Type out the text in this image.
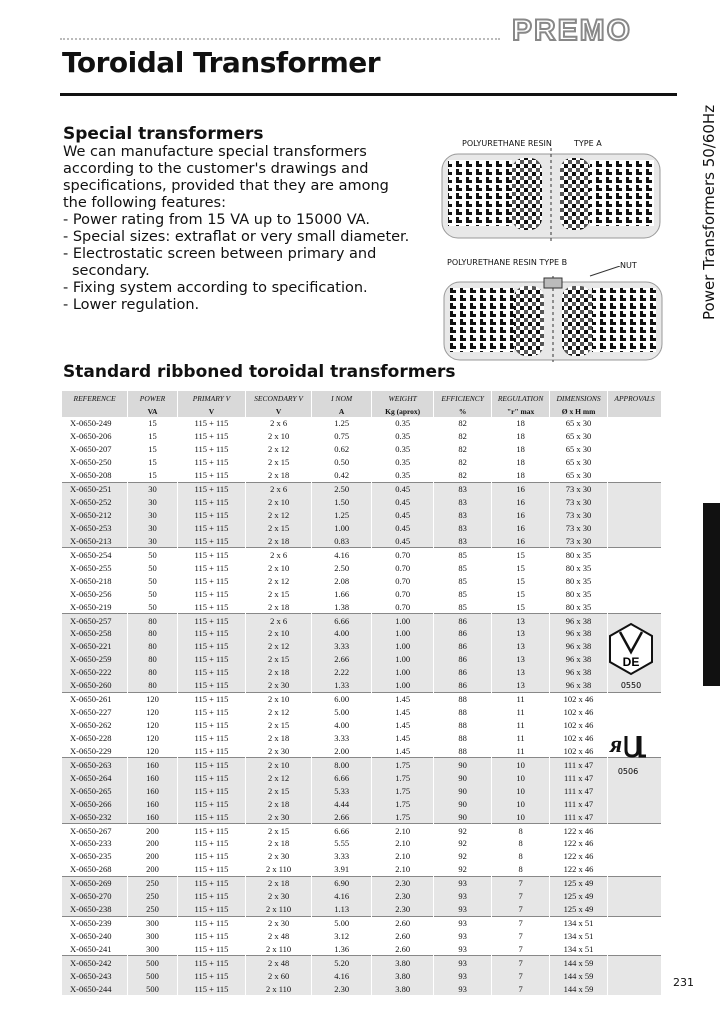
PREMO
Toroidal Transformer
Power Transformers 50/60Hz
Special transformers
We can manufacture special transformers
according to the customer's drawings and
specifications, provided that they are among
the following features:
- Power rating from 15 VA up to 15000 VA.
- Special sizes: extraflat or very small diameter.
- Electrostatic screen between primary and
secondary.
- Fixing system according to specification.
- Lower regulation.
POLYURETHANE RESIN	TYPE A
POLYURETHANE RESIN TYPE B	NUT
Standard ribboned toroidal transformers
REFERENCE	POWER	PRIMARY V	SECONDARY V	I NOM	WEIGHT	EFFICIENCY	REGULATION	DIMENSIONS	APPROVALS
	VA	V	V	A	Kg (aprox)	%	"r" max	Ø x H mm	
X-0650-249	15	115 + 115	2 x 6	1.25	0.35	82	18	65 x 30	
X-0650-206	15	115 + 115	2 x 10	0.75	0.35	82	18	65 x 30	
X-0650-207	15	115 + 115	2 x 12	0.62	0.35	82	18	65 x 30	
X-0650-250	15	115 + 115	2 x 15	0.50	0.35	82	18	65 x 30	
X-0650-208	15	115 + 115	2 x 18	0.42	0.35	82	18	65 x 30	
X-0650-251	30	115 + 115	2 x 6	2.50	0.45	83	16	73 x 30	
X-0650-252	30	115 + 115	2 x 10	1.50	0.45	83	16	73 x 30	
X-0650-212	30	115 + 115	2 x 12	1.25	0.45	83	16	73 x 30	
X-0650-253	30	115 + 115	2 x 15	1.00	0.45	83	16	73 x 30	
X-0650-213	30	115 + 115	2 x 18	0.83	0.45	83	16	73 x 30	
X-0650-254	50	115 + 115	2 x 6	4.16	0.70	85	15	80 x 35	
X-0650-255	50	115 + 115	2 x 10	2.50	0.70	85	15	80 x 35	
X-0650-218	50	115 + 115	2 x 12	2.08	0.70	85	15	80 x 35	
X-0650-256	50	115 + 115	2 x 15	1.66	0.70	85	15	80 x 35	
X-0650-219	50	115 + 115	2 x 18	1.38	0.70	85	15	80 x 35	
X-0650-257	80	115 + 115	2 x 6	6.66	1.00	86	13	96 x 38	
X-0650-258	80	115 + 115	2 x 10	4.00	1.00	86	13	96 x 38	
X-0650-221	80	115 + 115	2 x 12	3.33	1.00	86	13	96 x 38	
X-0650-259	80	115 + 115	2 x 15	2.66	1.00	86	13	96 x 38	
X-0650-222	80	115 + 115	2 x 18	2.22	1.00	86	13	96 x 38	
X-0650-260	80	115 + 115	2 x 30	1.33	1.00	86	13	96 x 38	
X-0650-261	120	115 + 115	2 x 10	6.00	1.45	88	11	102 x 46	
X-0650-227	120	115 + 115	2 x 12	5.00	1.45	88	11	102 x 46	
X-0650-262	120	115 + 115	2 x 15	4.00	1.45	88	11	102 x 46	
X-0650-228	120	115 + 115	2 x 18	3.33	1.45	88	11	102 x 46	
X-0650-229	120	115 + 115	2 x 30	2.00	1.45	88	11	102 x 46	
X-0650-263	160	115 + 115	2 x 10	8.00	1.75	90	10	111 x 47	
X-0650-264	160	115 + 115	2 x 12	6.66	1.75	90	10	111 x 47	
X-0650-265	160	115 + 115	2 x 15	5.33	1.75	90	10	111 x 47	
X-0650-266	160	115 + 115	2 x 18	4.44	1.75	90	10	111 x 47	
X-0650-232	160	115 + 115	2 x 30	2.66	1.75	90	10	111 x 47	
X-0650-267	200	115 + 115	2 x 15	6.66	2.10	92	8	122 x 46	
X-0650-233	200	115 + 115	2 x 18	5.55	2.10	92	8	122 x 46	
X-0650-235	200	115 + 115	2 x 30	3.33	2.10	92	8	122 x 46	
X-0650-268	200	115 + 115	2 x 110	3.91	2.10	92	8	122 x 46	
X-0650-269	250	115 + 115	2 x 18	6.90	2.30	93	7	125 x 49	
X-0650-270	250	115 + 115	2 x 30	4.16	2.30	93	7	125 x 49	
X-0650-238	250	115 + 115	2 x 110	1.13	2.30	93	7	125 x 49	
X-0650-239	300	115 + 115	2 x 30	5.00	2.60	93	7	134 x 51	
X-0650-240	300	115 + 115	2 x 48	3.12	2.60	93	7	134 x 51	
X-0650-241	300	115 + 115	2 x 110	1.36	2.60	93	7	134 x 51	
X-0650-242	500	115 + 115	2 x 48	5.20	3.80	93	7	144 x 59	
X-0650-243	500	115 + 115	2 x 60	4.16	3.80	93	7	144 x 59	
X-0650-244	500	115 + 115	2 x 110	2.30	3.80	93	7	144 x 59	
DE
0550
ᴙ
0506
231
